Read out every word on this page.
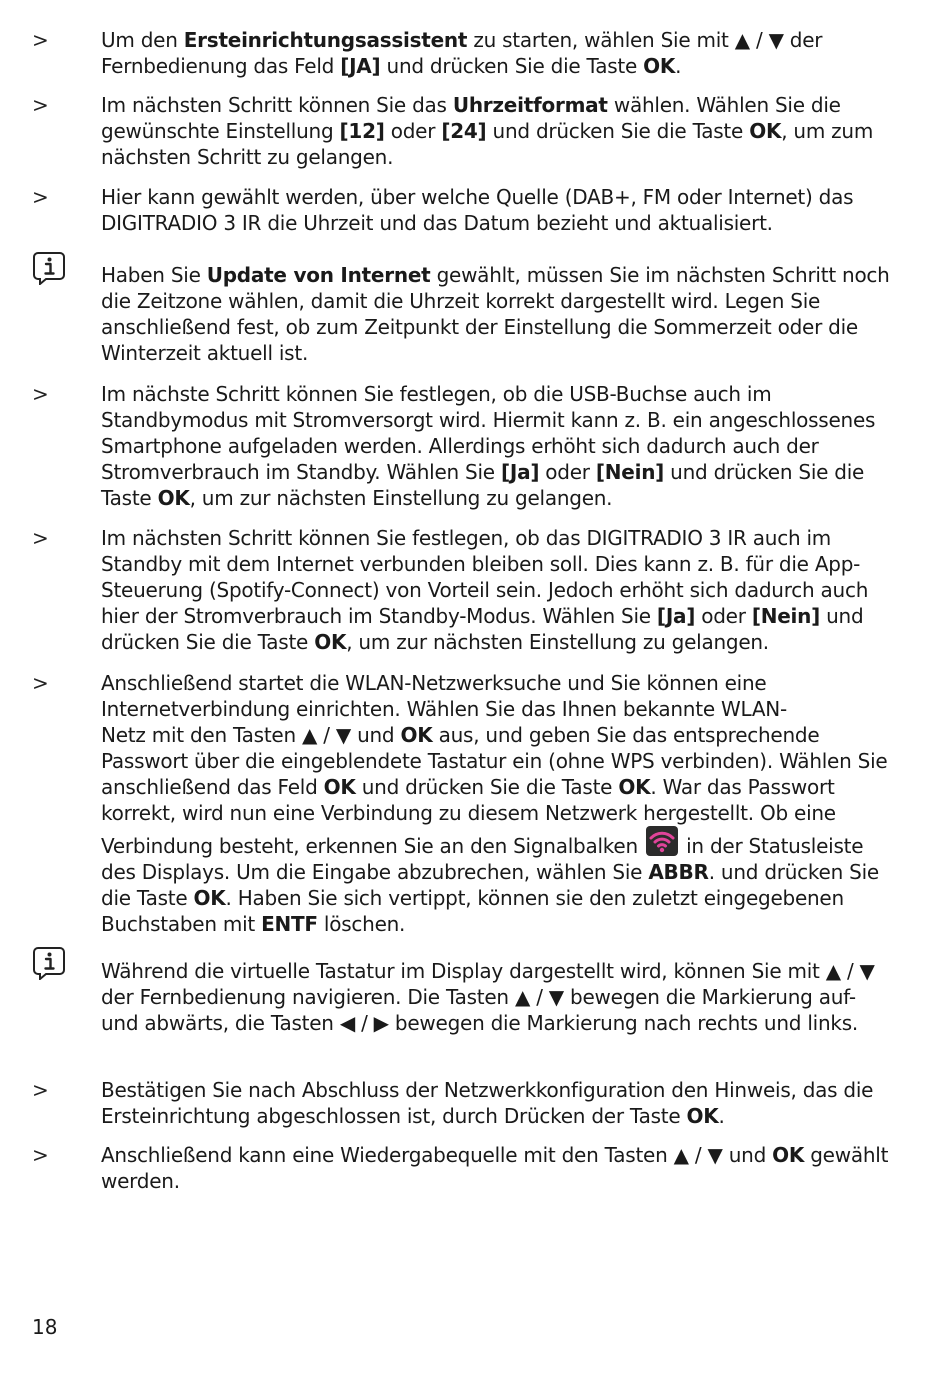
>	Um den Ersteinrichtungsassistent zu starten, wählen Sie mit ▲ / ▼ der Fernbedienung das Feld [JA] und drücken Sie die Taste OK.
>	Im nächsten Schritt können Sie das Uhrzeitformat wählen. Wählen Sie die gewünschte Einstellung [12] oder [24] und drücken Sie die Taste OK, um zum nächsten Schritt zu gelangen.
>	Hier kann gewählt werden, über welche Quelle (DAB+, FM oder Internet) das DIGITRADIO 3 IR die Uhrzeit und das Datum bezieht und aktualisiert.
Haben Sie Update von Internet gewählt, müssen Sie im nächsten Schritt noch die Zeitzone wählen, damit die Uhrzeit korrekt dargestellt wird. Legen Sie anschließend fest, ob zum Zeitpunkt der Einstellung die Sommerzeit oder die Winterzeit aktuell ist.
>	Im nächste Schritt können Sie festlegen, ob die USB-Buchse auch im Standbymodus mit Stromversorgt wird. Hiermit kann z. B. ein angeschlossenes Smartphone aufgeladen werden. Allerdings erhöht sich dadurch auch der Stromverbrauch im Standby. Wählen Sie [Ja] oder [Nein] und drücken Sie die Taste OK, um zur nächsten Einstellung zu gelangen.
>	Im nächsten Schritt können Sie festlegen, ob das DIGITRADIO 3 IR auch im Standby mit dem Internet verbunden bleiben soll. Dies kann z. B. für die App-Steuerung (Spotify-Connect) von Vorteil sein. Jedoch erhöht sich dadurch auch hier der Stromverbrauch im Standby-Modus. Wählen Sie [Ja] oder [Nein] und drücken Sie die Taste OK, um zur nächsten Einstellung zu gelangen.
>	Anschließend startet die WLAN-Netzwerksuche und Sie können eine Internetverbindung einrichten. Wählen Sie das Ihnen bekannte WLAN-
Netz mit den Tasten ▲ / ▼ und OK aus, und geben Sie das entsprechende Passwort über die eingeblendete Tastatur ein (ohne WPS verbinden). Wählen Sie anschließend das Feld OK und drücken Sie die Taste OK. War das Passwort korrekt, wird nun eine Verbindung zu diesem Netzwerk hergestellt. Ob eine Verbindung besteht, erkennen Sie an den Signalbalken  in der Statusleiste des Displays. Um die Eingabe abzubrechen, wählen Sie ABBR. und drücken Sie die Taste OK. Haben Sie sich vertippt, können sie den zuletzt eingegebenen Buchstaben mit ENTF löschen.
Während die virtuelle Tastatur im Display dargestellt wird, können Sie mit ▲ / ▼ der Fernbedienung navigieren. Die Tasten ▲ / ▼ bewegen die Markierung auf- und abwärts, die Tasten ◀ / ▶ bewegen die Markierung nach rechts und links.
>	Bestätigen Sie nach Abschluss der Netzwerkkonfiguration den Hinweis, das die Ersteinrichtung abgeschlossen ist, durch Drücken der Taste OK.
>	Anschließend kann eine Wiedergabequelle mit den Tasten ▲ / ▼ und OK gewählt werden.
18
